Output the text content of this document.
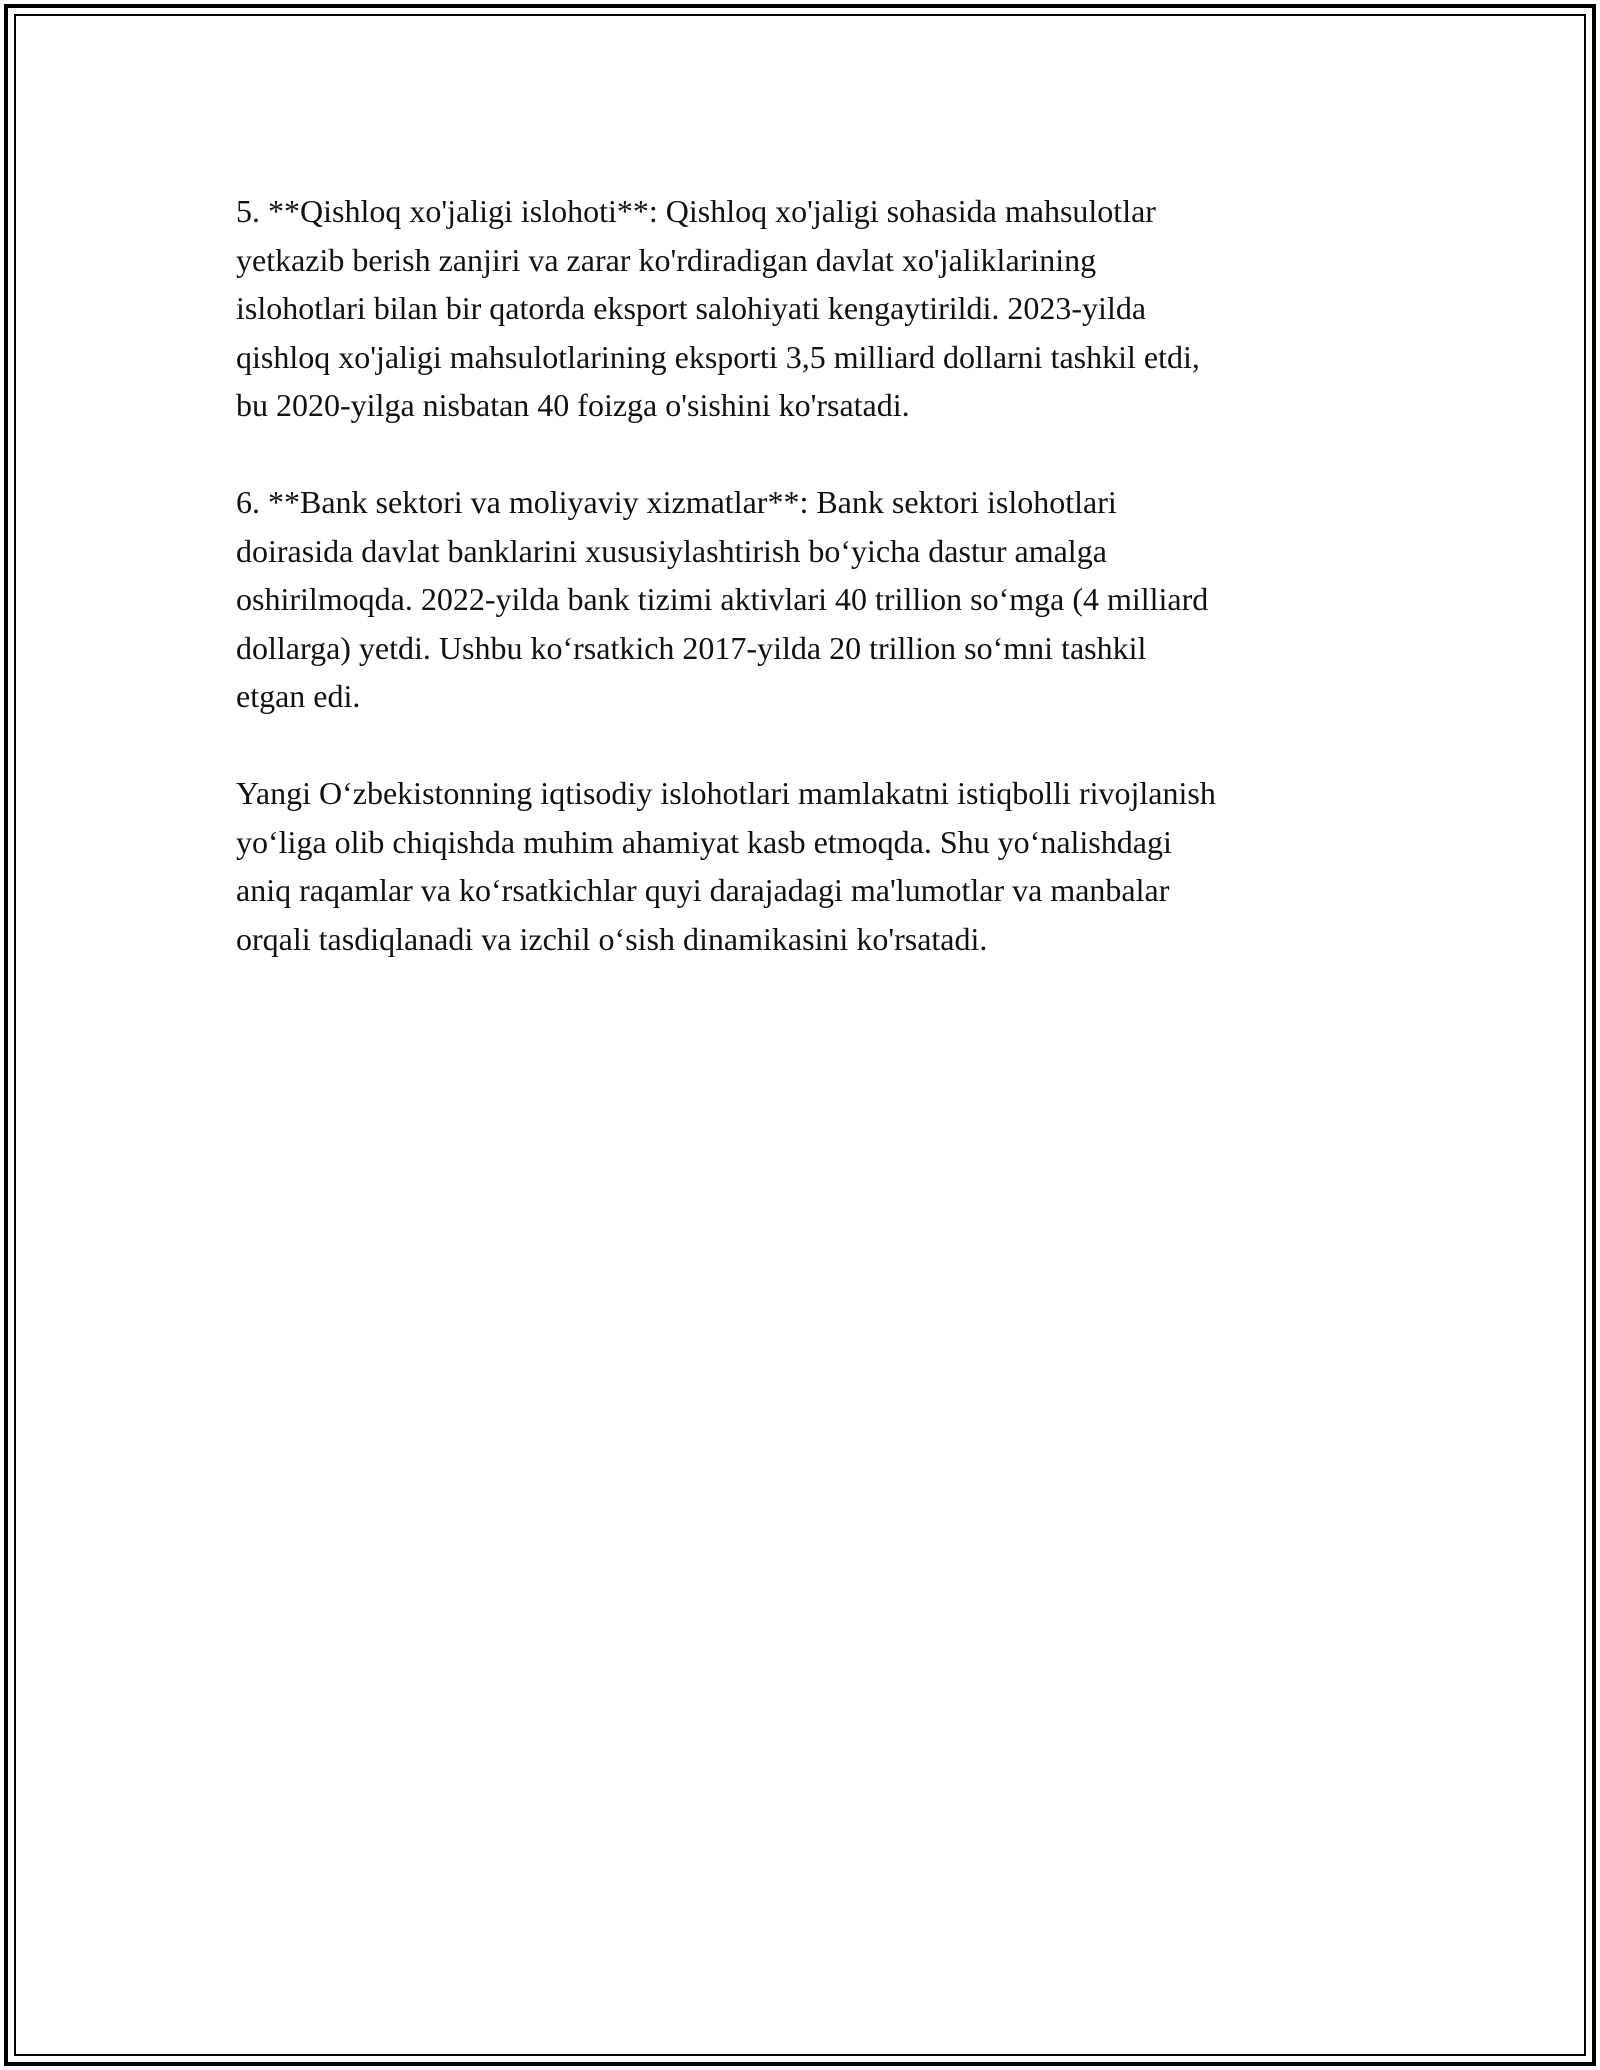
5. **Qishloq xo'jaligi islohoti**: Qishloq xo'jaligi sohasida mahsulotlar
yetkazib berish zanjiri va zarar ko'rdiradigan davlat xo'jaliklarining
islohotlari bilan bir qatorda eksport salohiyati kengaytirildi. 2023-yilda
qishloq xo'jaligi mahsulotlarining eksporti 3,5 milliard dollarni tashkil etdi,
bu 2020-yilga nisbatan 40 foizga o'sishini ko'rsatadi.

6. **Bank sektori va moliyaviy xizmatlar**: Bank sektori islohotlari
doirasida davlat banklarini xususiylashtirish bo‘yicha dastur amalga
oshirilmoqda. 2022-yilda bank tizimi aktivlari 40 trillion so‘mga (4 milliard
dollarga) yetdi. Ushbu ko‘rsatkich 2017-yilda 20 trillion so‘mni tashkil
etgan edi.

Yangi O‘zbekistonning iqtisodiy islohotlari mamlakatni istiqbolli rivojlanish
yo‘liga olib chiqishda muhim ahamiyat kasb etmoqda. Shu yo‘nalishdagi
aniq raqamlar va ko‘rsatkichlar quyi darajadagi ma'lumotlar va manbalar
orqali tasdiqlanadi va izchil o‘sish dinamikasini ko'rsatadi.
